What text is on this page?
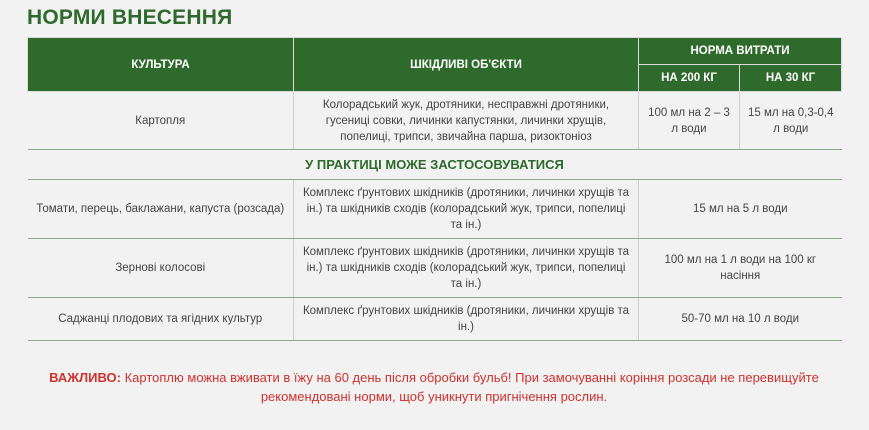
НОРМИ ВНЕСЕННЯ
КУЛЬТУРА	ШКІДЛИВІ ОБ'ЄКТИ	НОРМА ВИТРАТИ	
		НА 200 КГ	НА 30 КГ
Картопля	Колорадський жук, дротяники, несправжні дротяники, гусениці совки, личинки капустянки, личинки хрущів, попелиці, трипси, звичайна парша, ризоктоніоз	100 мл на 2 – 3 л води	15 мл на 0,3-0,4 л води
У ПРАКТИЦІ МОЖЕ ЗАСТОСОВУВАТИСЯ			
Томати, перець, баклажани, капуста (розсада)	Комплекс ґрунтових шкідників (дротяники, личинки хрущів та ін.) та шкідників сходів (колорадський жук, трипси, попелиці та ін.)	15 мл на 5 л води	
Зернові колосові	Комплекс ґрунтових шкідників (дротяники, личинки хрущів та ін.) та шкідників сходів (колорадський жук, трипси, попелиці та ін.)	100 мл на 1 л води на 100 кг насіння	
Саджанці плодових та ягідних культур	Комплекс ґрунтових шкідників (дротяники, личинки хрущів та ін.)	50-70 мл на 10 л води	
ВАЖЛИВО: Картоплю можна вживати в їжу на 60 день після обробки бульб! При замочуванні коріння розсади не перевищуйте рекомендовані норми, щоб уникнути пригнічення рослин.
